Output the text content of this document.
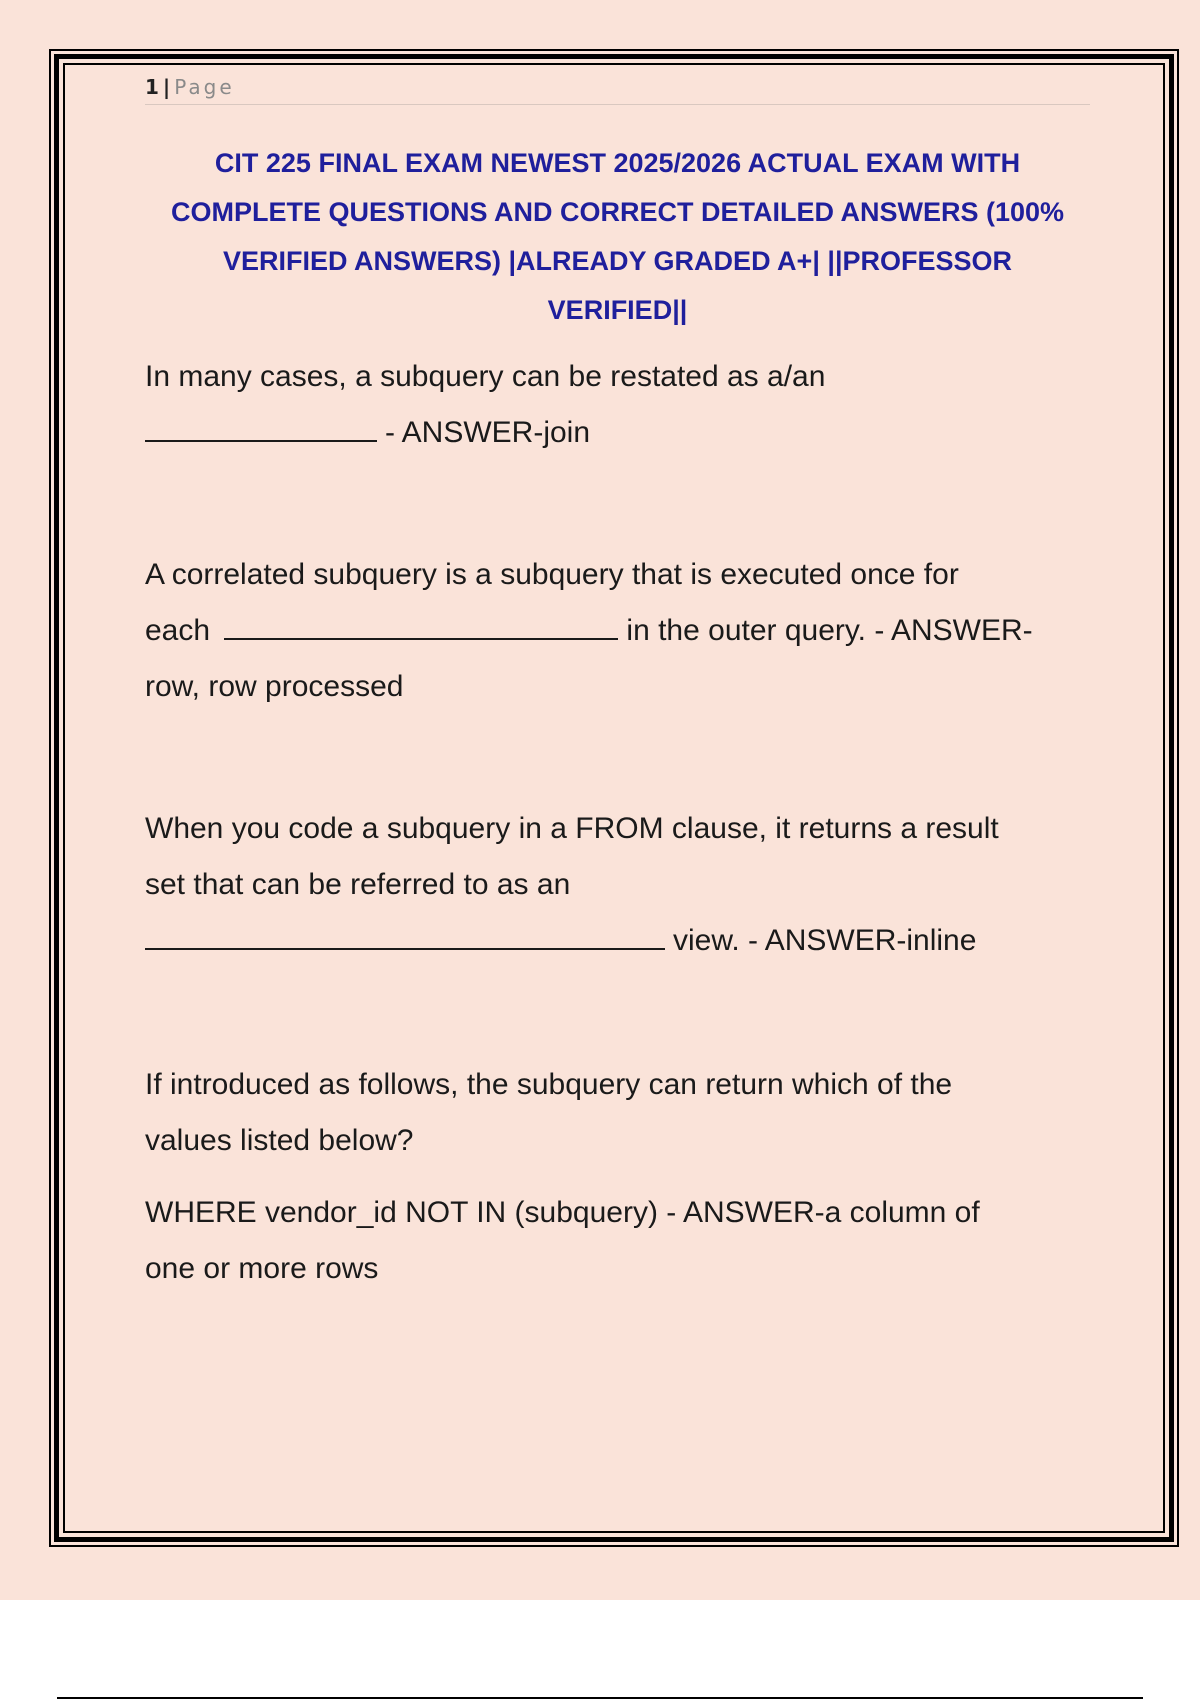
1 | Page
CIT 225 FINAL EXAM NEWEST 2025/2026 ACTUAL EXAM WITH
COMPLETE QUESTIONS AND CORRECT DETAILED ANSWERS (100%
VERIFIED ANSWERS) |ALREADY GRADED A+| ||PROFESSOR
VERIFIED||
In many cases, a subquery can be restated as a/an
- ANSWER-join
A correlated subquery is a subquery that is executed once for
each	in the outer query. - ANSWER-
row, row processed
When you code a subquery in a FROM clause, it returns a result
set that can be referred to as an
view. - ANSWER-inline
If introduced as follows, the subquery can return which of the
values listed below?
WHERE vendor_id NOT IN (subquery) - ANSWER-a column of
one or more rows
